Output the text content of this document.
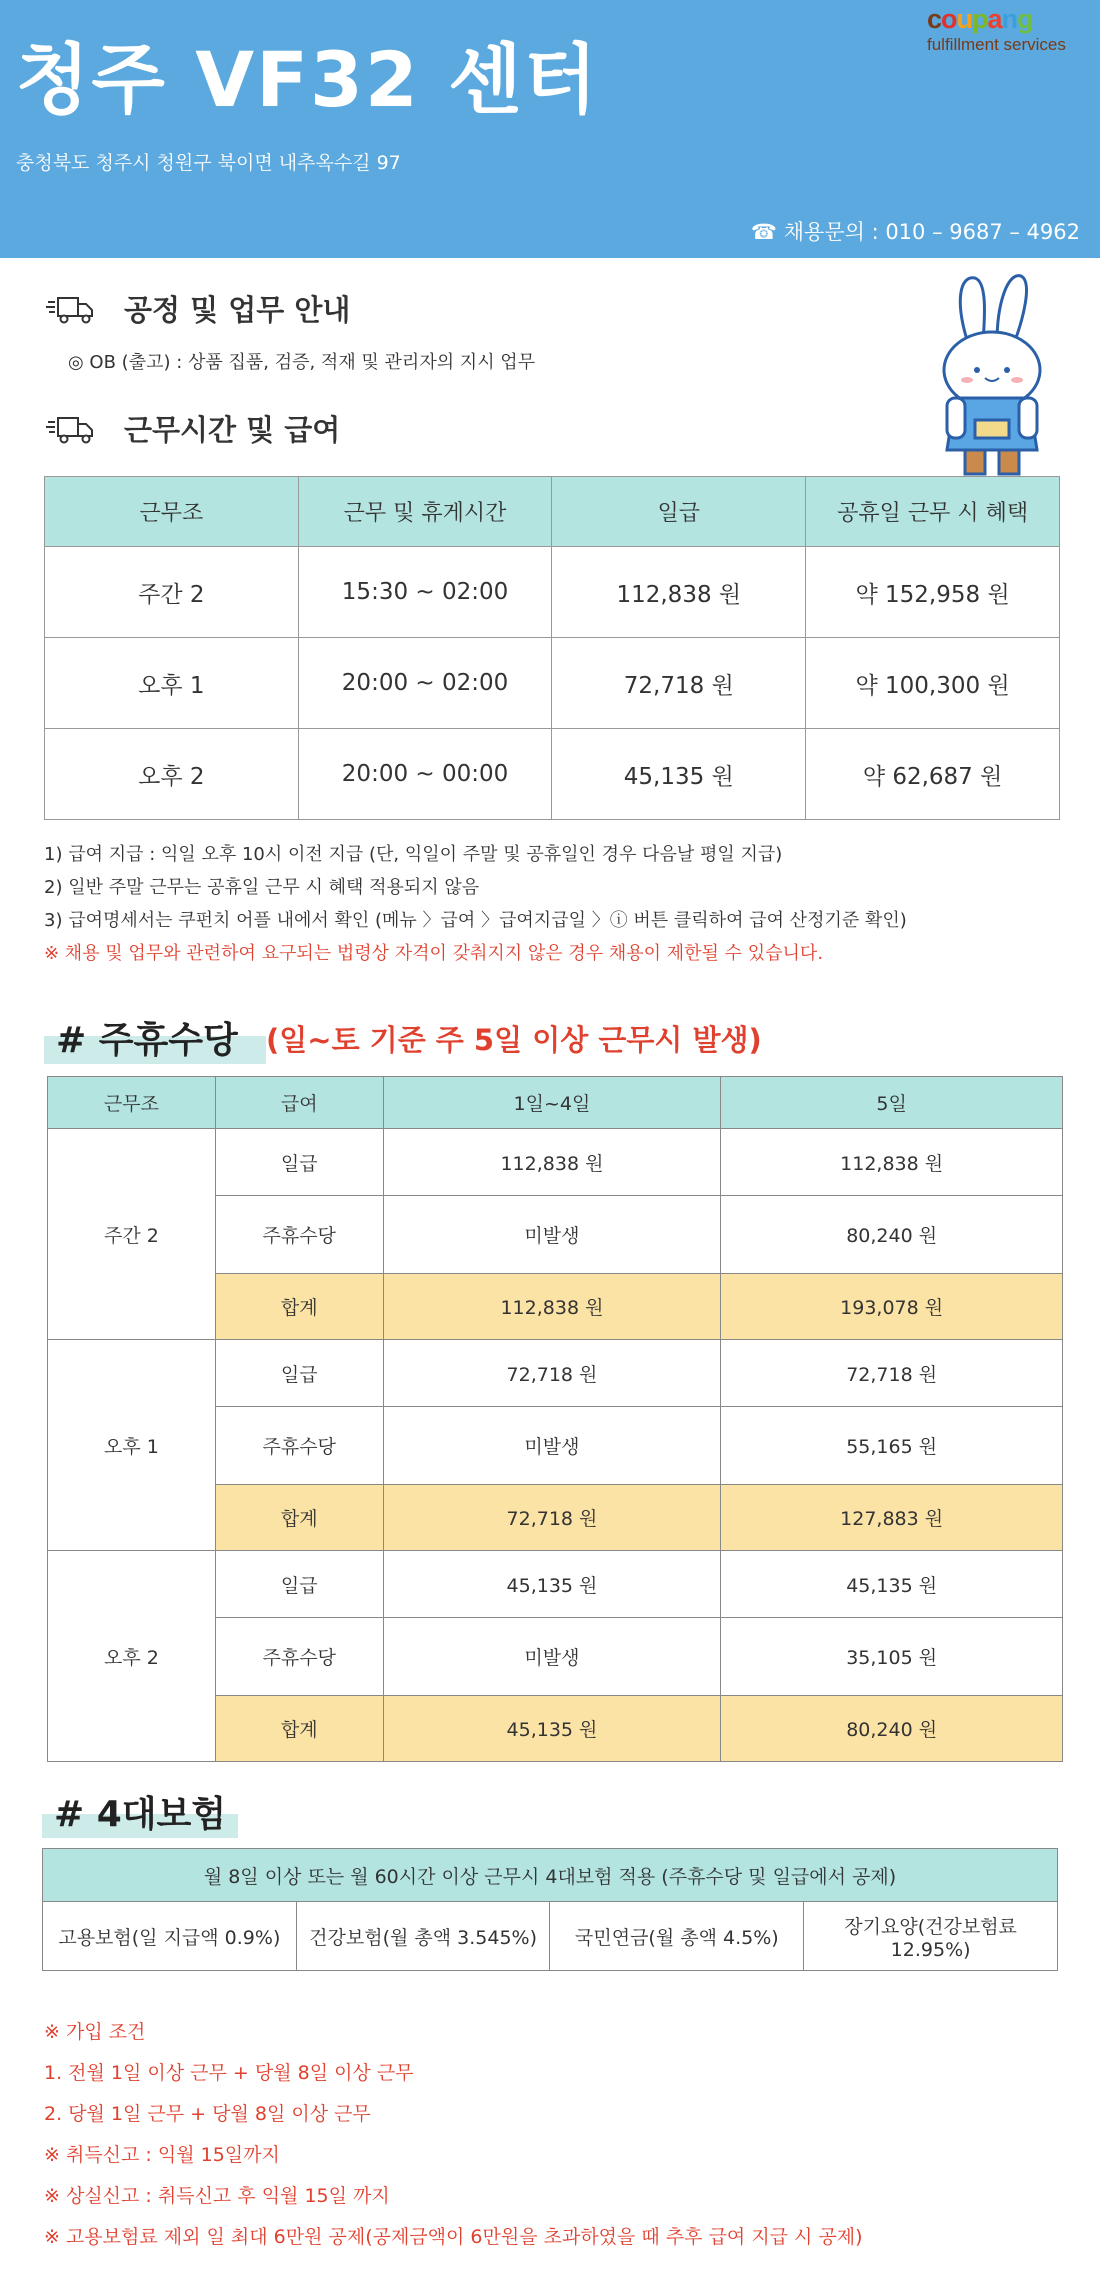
청주 VF32 센터
충청북도 청주시 청원구 북이면 내추옥수길 97
☎ 채용문의 : 010 – 9687 – 4962
coupang
fulfillment services
공정 및 업무 안내
◎ OB (출고) : 상품 집품, 검증, 적재 및 관리자의 지시 업무
근무시간 및 급여
근무조	근무 및 휴게시간	일급	공휴일 근무 시 혜택
주간 2	15:30 ~ 02:00	112,838 원	약 152,958 원
오후 1	20:00 ~ 02:00	72,718 원	약 100,300 원
오후 2	20:00 ~ 00:00	45,135 원	약 62,687 원
1) 급여 지급 : 익일 오후 10시 이전 지급 (단, 익일이 주말 및 공휴일인 경우 다음날 평일 지급)
2) 일반 주말 근무는 공휴일 근무 시 혜택 적용되지 않음
3) 급여명세서는 쿠펀치 어플 내에서 확인 (메뉴 〉급여 〉급여지급일 〉ⓘ 버튼 클릭하여 급여 산정기준 확인)
※ 채용 및 업무와 관련하여 요구되는 법령상 자격이 갖춰지지 않은 경우 채용이 제한될 수 있습니다.
# 주휴수당 (일~토 기준 주 5일 이상 근무시 발생)
근무조	급여	1일~4일	5일
주간 2	일급	112,838 원	112,838 원
	주휴수당	미발생	80,240 원
	합계	112,838 원	193,078 원
오후 1	일급	72,718 원	72,718 원
	주휴수당	미발생	55,165 원
	합계	72,718 원	127,883 원
오후 2	일급	45,135 원	45,135 원
	주휴수당	미발생	35,105 원
	합계	45,135 원	80,240 원
# 4대보험
월 8일 이상 또는 월 60시간 이상 근무시 4대보험 적용 (주휴수당 및 일급에서 공제)
고용보험(일 지급액 0.9%)	건강보험(월 총액 3.545%)	국민연금(월 총액 4.5%)	장기요양(건강보험료 12.95%)
※ 가입 조건
1. 전월 1일 이상 근무 + 당월 8일 이상 근무
2. 당월 1일 근무 + 당월 8일 이상 근무
※ 취득신고 : 익월 15일까지
※ 상실신고 : 취득신고 후 익월 15일 까지
※ 고용보험료 제외 일 최대 6만원 공제(공제금액이 6만원을 초과하였을 때 추후 급여 지급 시 공제)
